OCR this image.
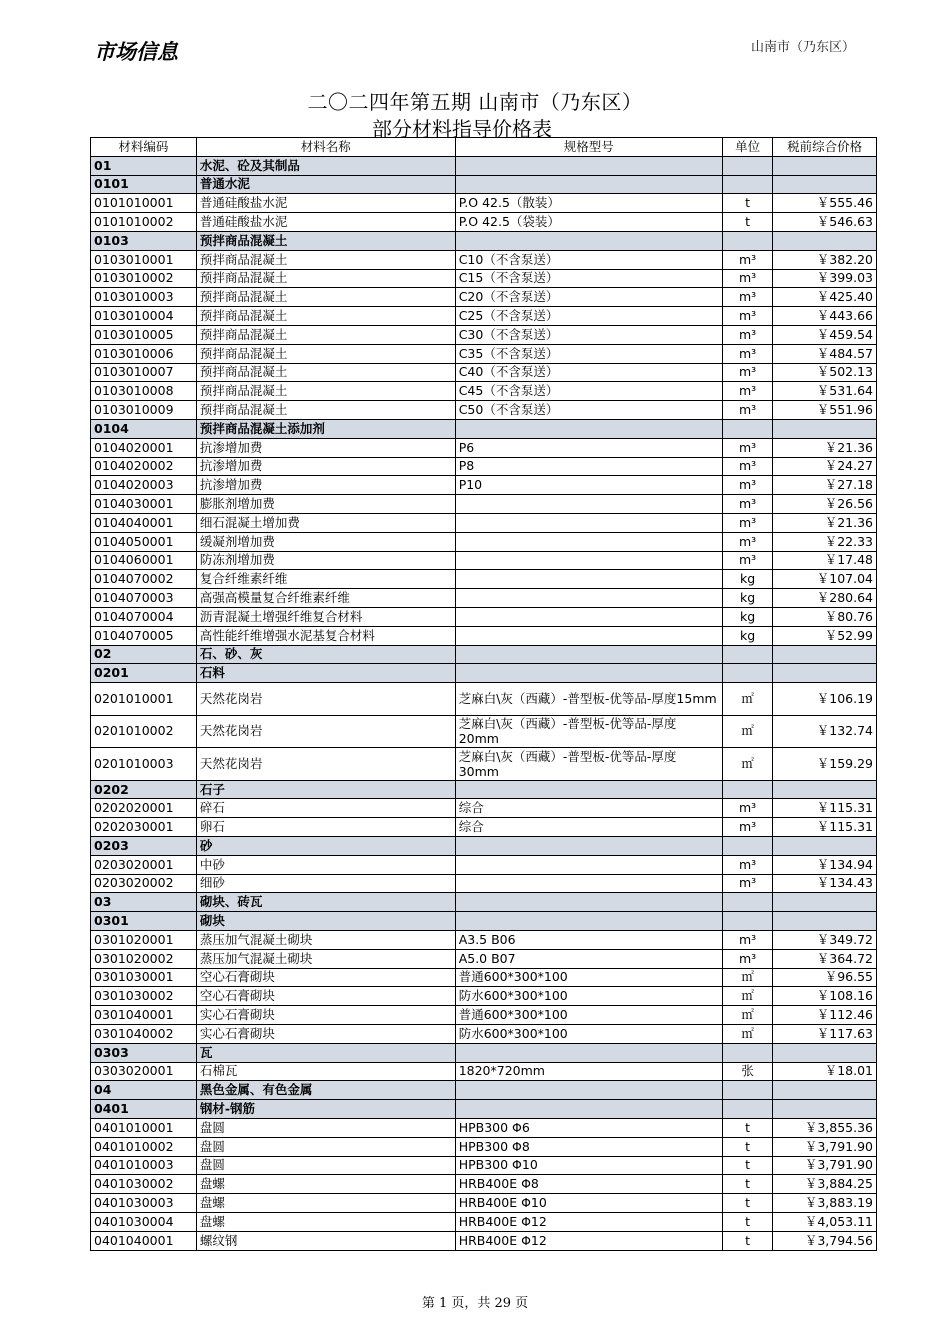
市场信息	山南市（乃东区）
二〇二四年第五期 山南市（乃东区）
部分材料指导价格表
材料编码	材料名称	规格型号	单位	税前综合价格
01	水泥、砼及其制品			
0101	普通水泥			
0101010001	普通硅酸盐水泥	P.O 42.5（散装）	t	￥555.46
0101010002	普通硅酸盐水泥	P.O 42.5（袋装）	t	￥546.63
0103	预拌商品混凝土			
0103010001	预拌商品混凝土	C10（不含泵送）	m³	￥382.20
0103010002	预拌商品混凝土	C15（不含泵送）	m³	￥399.03
0103010003	预拌商品混凝土	C20（不含泵送）	m³	￥425.40
0103010004	预拌商品混凝土	C25（不含泵送）	m³	￥443.66
0103010005	预拌商品混凝土	C30（不含泵送）	m³	￥459.54
0103010006	预拌商品混凝土	C35（不含泵送）	m³	￥484.57
0103010007	预拌商品混凝土	C40（不含泵送）	m³	￥502.13
0103010008	预拌商品混凝土	C45（不含泵送）	m³	￥531.64
0103010009	预拌商品混凝土	C50（不含泵送）	m³	￥551.96
0104	预拌商品混凝土添加剂			
0104020001	抗渗增加费	P6	m³	￥21.36
0104020002	抗渗增加费	P8	m³	￥24.27
0104020003	抗渗增加费	P10	m³	￥27.18
0104030001	膨胀剂增加费		m³	￥26.56
0104040001	细石混凝土增加费		m³	￥21.36
0104050001	缓凝剂增加费		m³	￥22.33
0104060001	防冻剂增加费		m³	￥17.48
0104070002	复合纤维素纤维		kg	￥107.04
0104070003	高强高模量复合纤维素纤维		kg	￥280.64
0104070004	沥青混凝土增强纤维复合材料		kg	￥80.76
0104070005	高性能纤维增强水泥基复合材料		kg	￥52.99
02	石、砂、灰			
0201	石料			
0201010001	天然花岗岩	芝麻白\灰（西藏）-普型板-优等品-厚度15mm	㎡	￥106.19
0201010002	天然花岗岩	芝麻白\灰（西藏）-普型板-优等品-厚度 20mm	㎡	￥132.74
0201010003	天然花岗岩	芝麻白\灰（西藏）-普型板-优等品-厚度 30mm	㎡	￥159.29
0202	石子			
0202020001	碎石	综合	m³	￥115.31
0202030001	卵石	综合	m³	￥115.31
0203	砂			
0203020001	中砂		m³	￥134.94
0203020002	细砂		m³	￥134.43
03	砌块、砖瓦			
0301	砌块			
0301020001	蒸压加气混凝土砌块	A3.5 B06	m³	￥349.72
0301020002	蒸压加气混凝土砌块	A5.0 B07	m³	￥364.72
0301030001	空心石膏砌块	普通600*300*100	㎡	￥96.55
0301030002	空心石膏砌块	防水600*300*100	㎡	￥108.16
0301040001	实心石膏砌块	普通600*300*100	㎡	￥112.46
0301040002	实心石膏砌块	防水600*300*100	㎡	￥117.63
0303	瓦			
0303020001	石棉瓦	1820*720mm	张	￥18.01
04	黑色金属、有色金属			
0401	钢材-钢筋			
0401010001	盘圆	HPB300 Φ6	t	￥3,855.36
0401010002	盘圆	HPB300 Φ8	t	￥3,791.90
0401010003	盘圆	HPB300 Φ10	t	￥3,791.90
0401030002	盘螺	HRB400E Φ8	t	￥3,884.25
0401030003	盘螺	HRB400E Φ10	t	￥3,883.19
0401030004	盘螺	HRB400E Φ12	t	￥4,053.11
0401040001	螺纹钢	HRB400E Φ12	t	￥3,794.56
第 1 页，共 29 页
